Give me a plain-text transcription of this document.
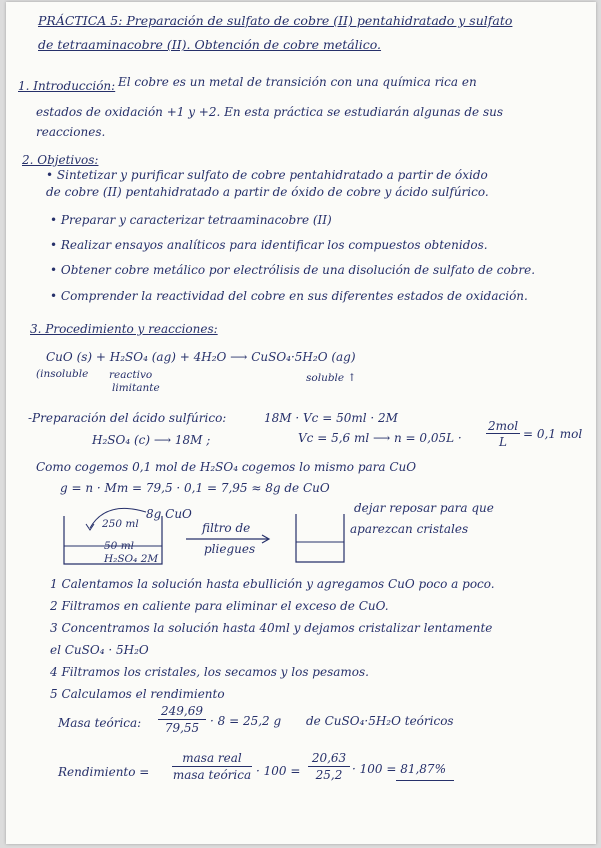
PRÁCTICA 5: Preparación de sulfato de cobre (II) pentahidratado y sulfato
de tetraaminacobre (II). Obtención de cobre metálico.
1. Introducción: El cobre es un metal de transición con una química rica en
estados de oxidación +1 y +2. En esta práctica se estudiarán algunas de sus
reacciones.
2. Objetivos:
• Sintetizar y purificar sulfato de cobre pentahidratado a partir de óxido
de cobre (II) pentahidratado a partir de óxido de cobre y ácido sulfúrico.
• Preparar y caracterizar tetraaminacobre (II)
• Realizar ensayos analíticos para identificar los compuestos obtenidos.
• Obtener cobre metálico por electrólisis de una disolución de sulfato de cobre.
• Comprender la reactividad del cobre en sus diferentes estados de oxidación.
3. Procedimiento y reacciones:
CuO (s) + H₂SO₄ (ag) + 4H₂O ⟶ CuSO₄·5H₂O (ag)
(insoluble reactivo
limitante
soluble ↑
-Preparación del ácido sulfúrico:	18M · Vc = 50ml · 2M
H₂SO₄ (c) ⟶ 18M ;	Vc = 5,6 ml ⟶ n = 0,05L ·
2mol
L
= 0,1 mol
Como cogemos 0,1 mol de H₂SO₄ cogemos lo mismo para CuO
g = n · Mm = 79,5 · 0,1 = 7,95 ≈ 8g de CuO
250 ml
8g CuO
50 ml
H₂SO₄ 2M
filtro de
pliegues
dejar reposar para que
aparezcan cristales
1 Calentamos la solución hasta ebullición y agregamos CuO poco a poco.
2 Filtramos en caliente para eliminar el exceso de CuO.
3 Concentramos la solución hasta 40ml y dejamos cristalizar lentamente
el CuSO₄ · 5H₂O
4 Filtramos los cristales, los secamos y los pesamos.
5 Calculamos el rendimiento
Masa teórica:
249,69
79,55 · 8 = 25,2 g de CuSO₄·5H₂O teóricos
Rendimiento =
masa real
masa teórica · 100 =
20,63
25,2 · 100 = 81,87%
